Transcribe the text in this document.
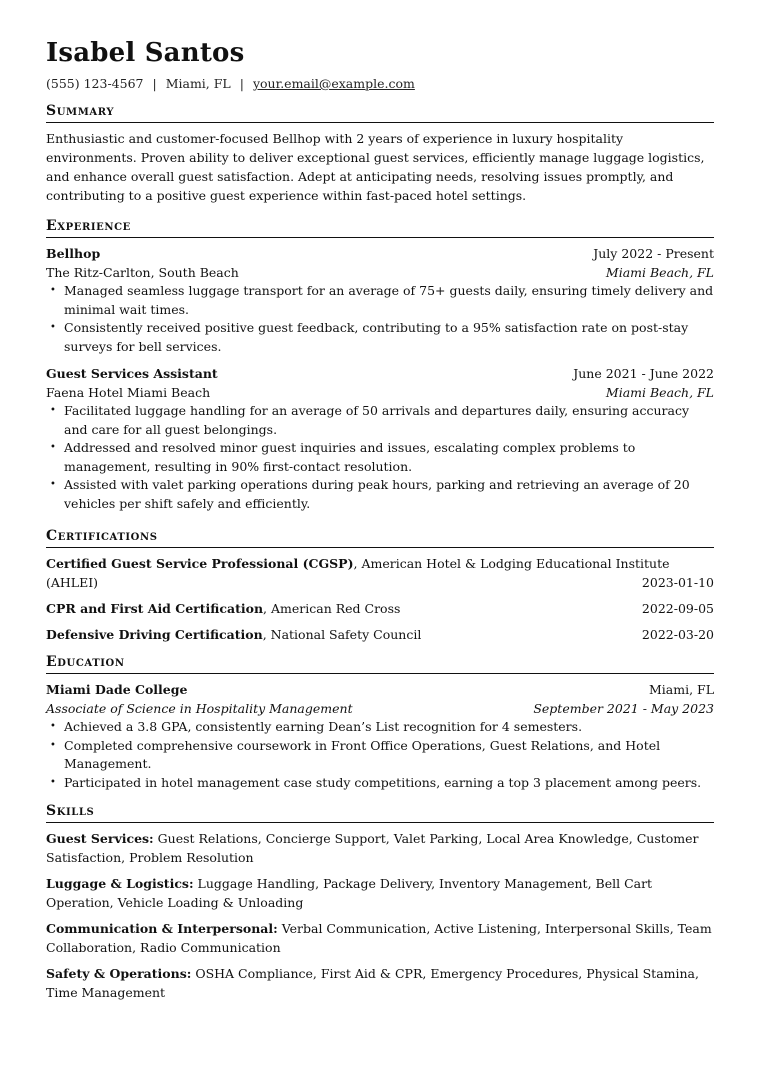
Isabel Santos
(555) 123-4567 | Miami, FL | your.email@example.com
Summary

Enthusiastic and customer-focused Bellhop with 2 years of experience in luxury hospitality environments. Proven ability to deliver exceptional guest services, efficiently manage luggage logistics, and enhance overall guest satisfaction. Adept at anticipating needs, resolving issues promptly, and contributing to a positive guest experience within fast-paced hotel settings.

Experience
Bellhop	July 2022 - Present
The Ritz-Carlton, South Beach	Miami Beach, FL
• Managed seamless luggage transport for an average of 75+ guests daily, ensuring timely delivery and minimal wait times.
• Consistently received positive guest feedback, contributing to a 95% satisfaction rate on post-stay surveys for bell services.
Guest Services Assistant	June 2021 - June 2022
Faena Hotel Miami Beach	Miami Beach, FL
• Facilitated luggage handling for an average of 50 arrivals and departures daily, ensuring accuracy and care for all guest belongings.
• Addressed and resolved minor guest inquiries and issues, escalating complex problems to management, resulting in 90% first-contact resolution.
• Assisted with valet parking operations during peak hours, parking and retrieving an average of 20 vehicles per shift safely and efficiently.
Certifications
Certified Guest Service Professional (CGSP), American Hotel & Lodging Educational Institute
(AHLEI)	2023-01-10
CPR and First Aid Certification, American Red Cross	2022-09-05
Defensive Driving Certification, National Safety Council	2022-03-20
Education
Miami Dade College	Miami, FL
Associate of Science in Hospitality Management	September 2021 - May 2023
• Achieved a 3.8 GPA, consistently earning Dean’s List recognition for 4 semesters.
• Completed comprehensive coursework in Front Office Operations, Guest Relations, and Hotel Management.
• Participated in hotel management case study competitions, earning a top 3 placement among peers.
Skills
Guest Services: Guest Relations, Concierge Support, Valet Parking, Local Area Knowledge, Customer Satisfaction, Problem Resolution
Luggage & Logistics: Luggage Handling, Package Delivery, Inventory Management, Bell Cart Operation, Vehicle Loading & Unloading
Communication & Interpersonal: Verbal Communication, Active Listening, Interpersonal Skills, Team Collaboration, Radio Communication
Safety & Operations: OSHA Compliance, First Aid & CPR, Emergency Procedures, Physical Stamina, Time Management
